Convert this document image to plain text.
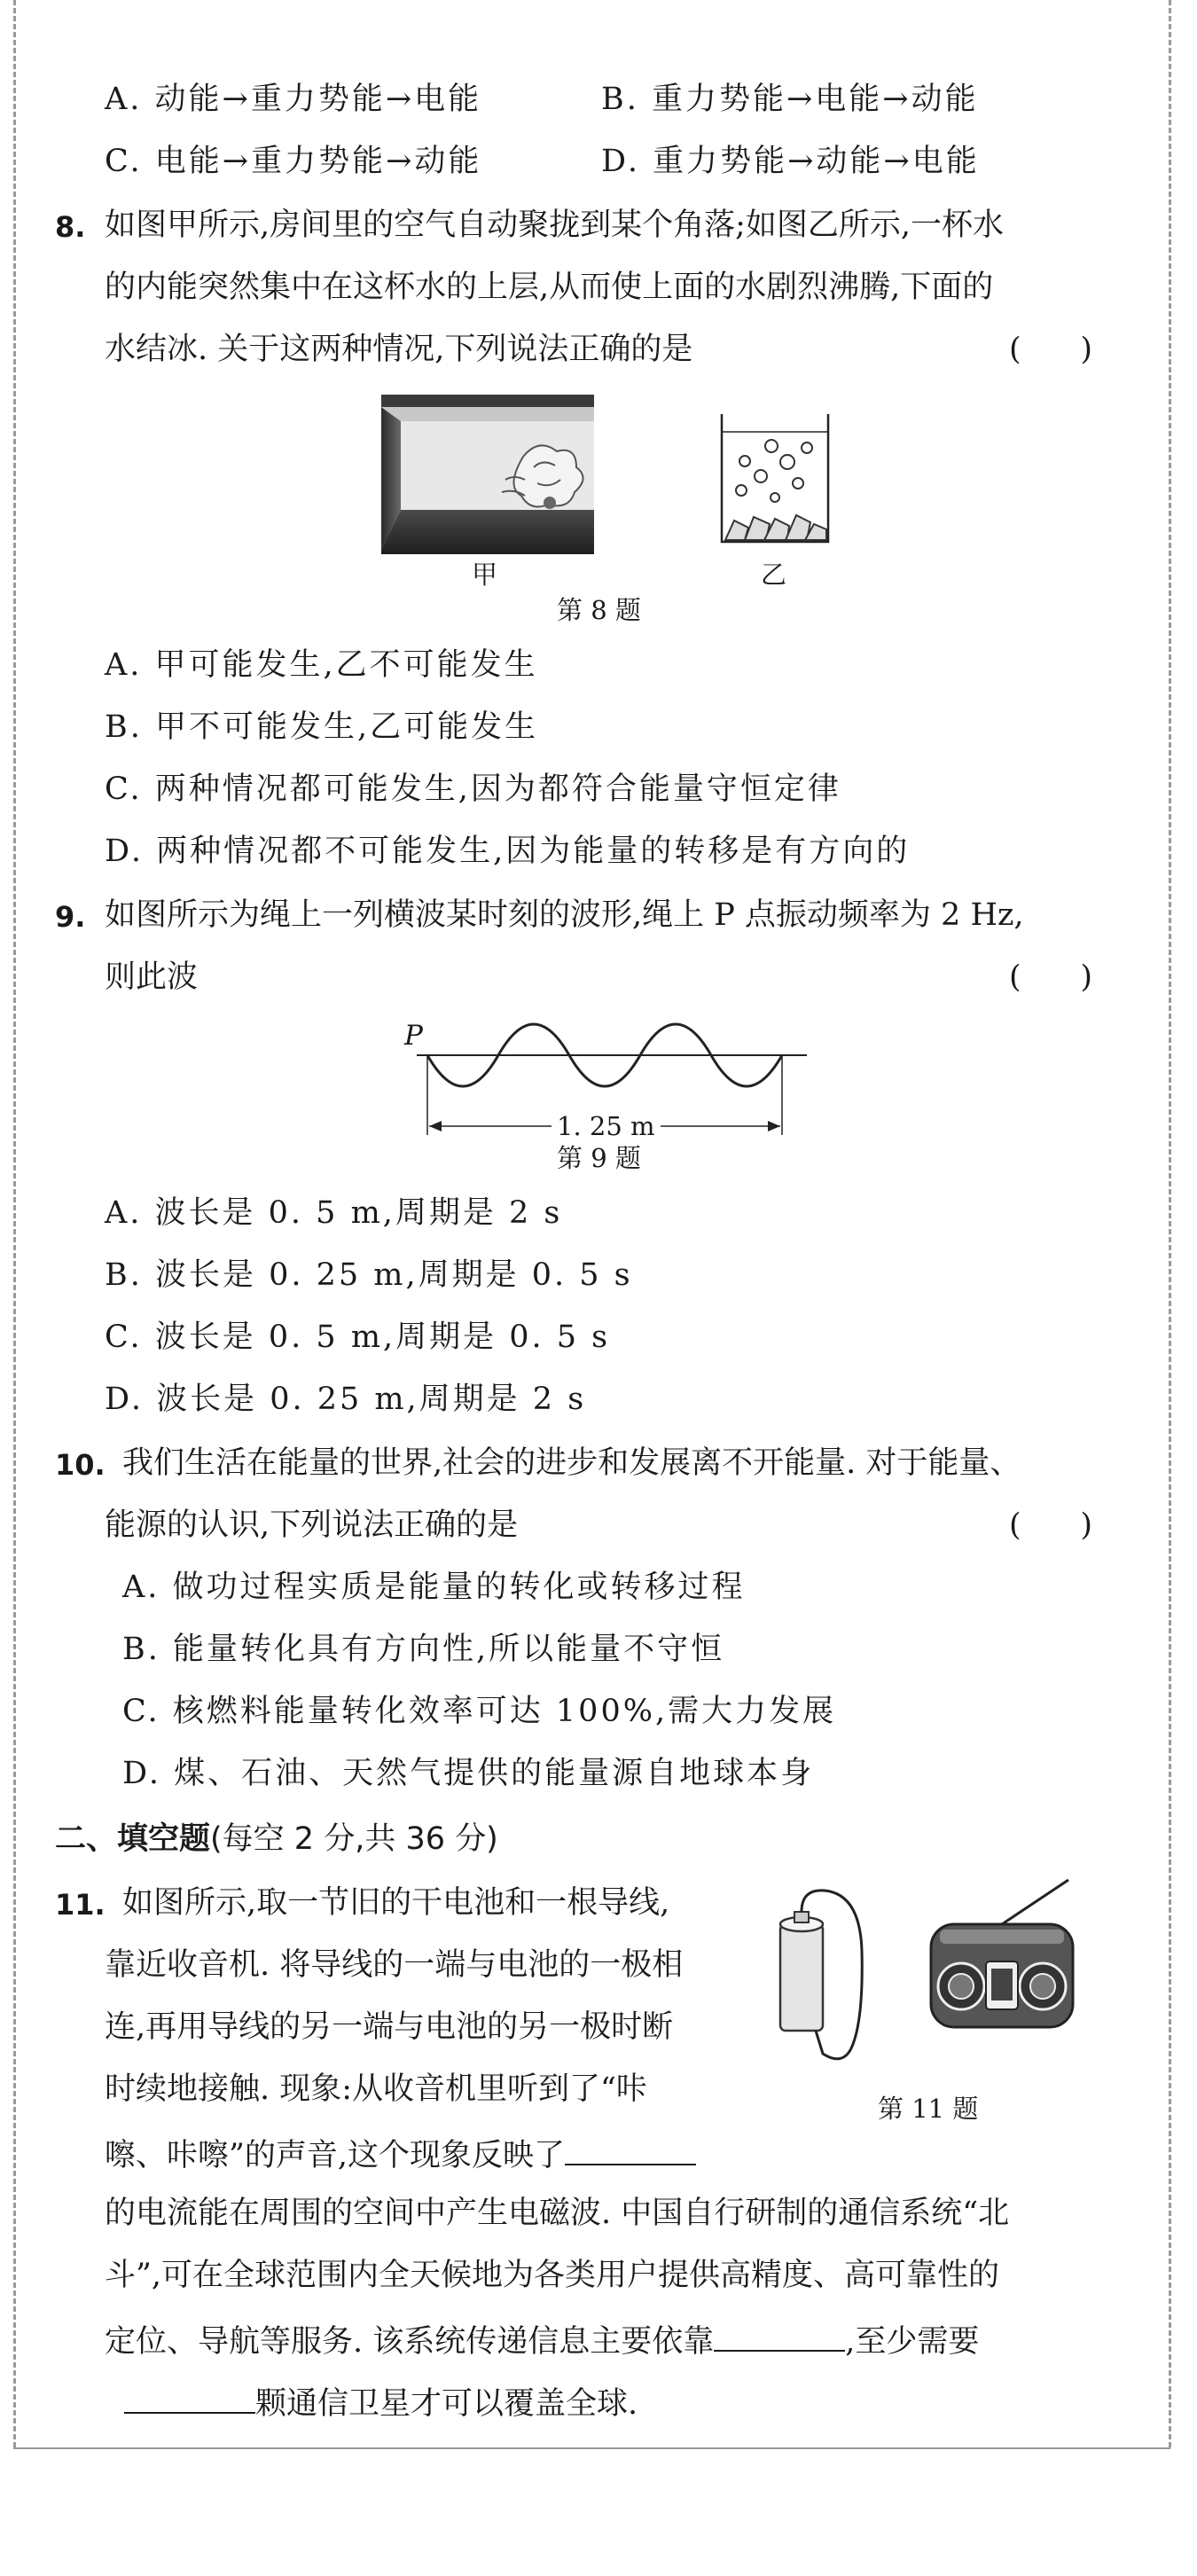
A. 动能→重力势能→电能	B. 重力势能→电能→动能
C. 电能→重力势能→动能	D. 重力势能→动能→电能
8. 如图甲所示,房间里的空气自动聚拢到某个角落;如图乙所示,一杯水
的内能突然集中在这杯水的上层,从而使上面的水剧烈沸腾,下面的
水结冰. 关于这两种情况,下列说法正确的是	(      )
甲	乙
第 8 题
A. 甲可能发生,乙不可能发生
B. 甲不可能发生,乙可能发生
C. 两种情况都可能发生,因为都符合能量守恒定律
D. 两种情况都不可能发生,因为能量的转移是有方向的
9. 如图所示为绳上一列横波某时刻的波形,绳上 P 点振动频率为 2 Hz,
则此波	(      )
P
1. 25 m
第 9 题
A. 波长是 0. 5 m,周期是 2 s
B. 波长是 0. 25 m,周期是 0. 5 s
C. 波长是 0. 5 m,周期是 0. 5 s
D. 波长是 0. 25 m,周期是 2 s
10. 我们生活在能量的世界,社会的进步和发展离不开能量. 对于能量、
能源的认识,下列说法正确的是	(      )
A. 做功过程实质是能量的转化或转移过程
B. 能量转化具有方向性,所以能量不守恒
C. 核燃料能量转化效率可达 100%,需大力发展
D. 煤、石油、天然气提供的能量源自地球本身
二、填空题(每空 2 分,共 36 分)
11. 如图所示,取一节旧的干电池和一根导线,
靠近收音机. 将导线的一端与电池的一极相
连,再用导线的另一端与电池的另一极时断
时续地接触. 现象:从收音机里听到了“咔
嚓、咔嚓”的声音,这个现象反映了
的电流能在周围的空间中产生电磁波. 中国自行研制的通信系统“北
斗”,可在全球范围内全天候地为各类用户提供高精度、高可靠性的
定位、导航等服务. 该系统传递信息主要依靠	,至少需要
颗通信卫星才可以覆盖全球.
第 11 题
